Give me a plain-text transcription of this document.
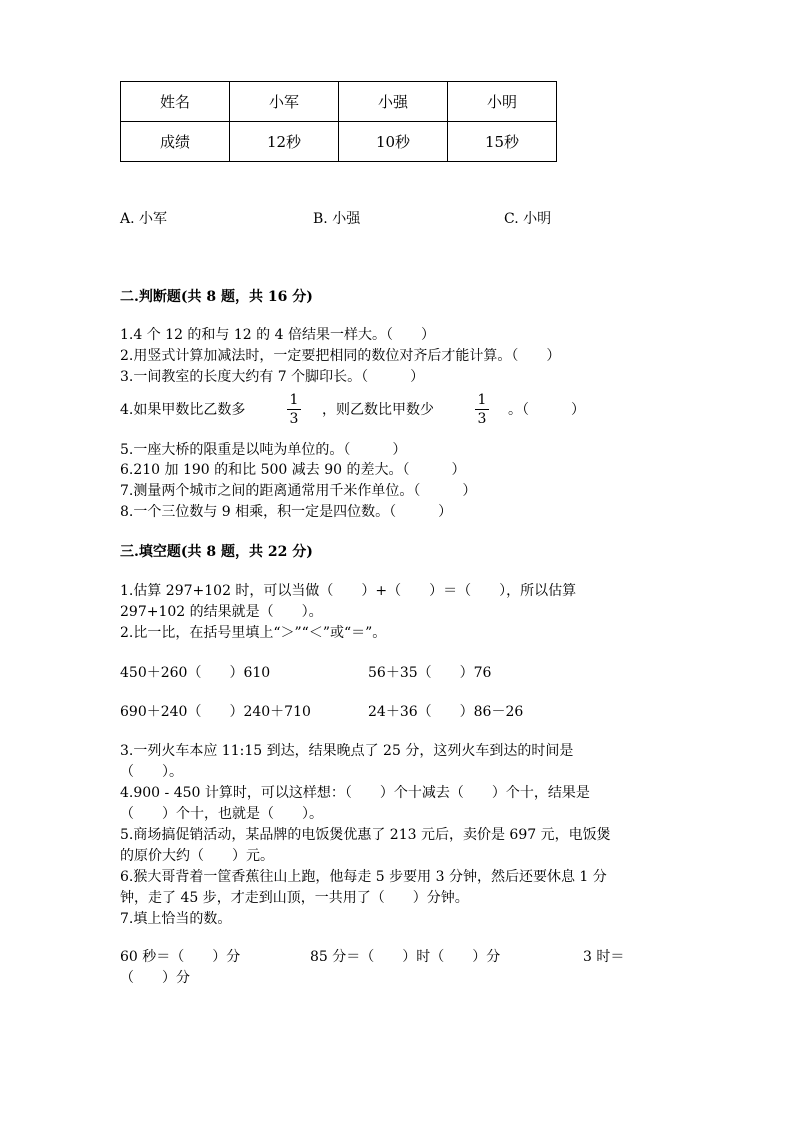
姓名	小军	小强	小明
成绩	12秒	10秒	15秒
A. 小军	B. 小强	C. 小明
二.判断题(共 8 题，共 16 分)
1.4 个 12 的和与 12 的 4 倍结果一样大。（　　）
2.用竖式计算加减法时，一定要把相同的数位对齐后才能计算。（　　）
3.一间教室的长度大约有 7 个脚印长。（　　　）
4.如果甲数比乙数多
1
3
，则乙数比甲数少
1
3
。（　　　）
5.一座大桥的限重是以吨为单位的。（　　　）
6.210 加 190 的和比 500 减去 90 的差大。（　　　）
7.测量两个城市之间的距离通常用千米作单位。（　　　）
8.一个三位数与 9 相乘，积一定是四位数。（　　　）
三.填空题(共 8 题，共 22 分)
1.估算 297+102 时，可以当做（　　）+（　　）＝（　　），所以估算
297+102 的结果就是（　　）。
2.比一比，在括号里填上“＞”“＜”或“＝”。
450＋260（　　）610	56＋35（　　）76
690＋240（　　）240＋710	24＋36（　　）86－26
3.一列火车本应 11:15 到达，结果晚点了 25 分，这列火车到达的时间是
（　　）。
4.900 - 450 计算时，可以这样想：（　　）个十减去（　　）个十，结果是
（　　）个十，也就是（　　）。
5.商场搞促销活动，某品牌的电饭煲优惠了 213 元后，卖价是 697 元，电饭煲
的原价大约（　　）元。
6.猴大哥背着一筐香蕉往山上跑，他每走 5 步要用 3 分钟，然后还要休息 1 分
钟，走了 45 步，才走到山顶，一共用了（　　）分钟。
7.填上恰当的数。
60 秒＝（　　）分	85 分＝（　　）时（　　）分	3 时＝
（　　）分
